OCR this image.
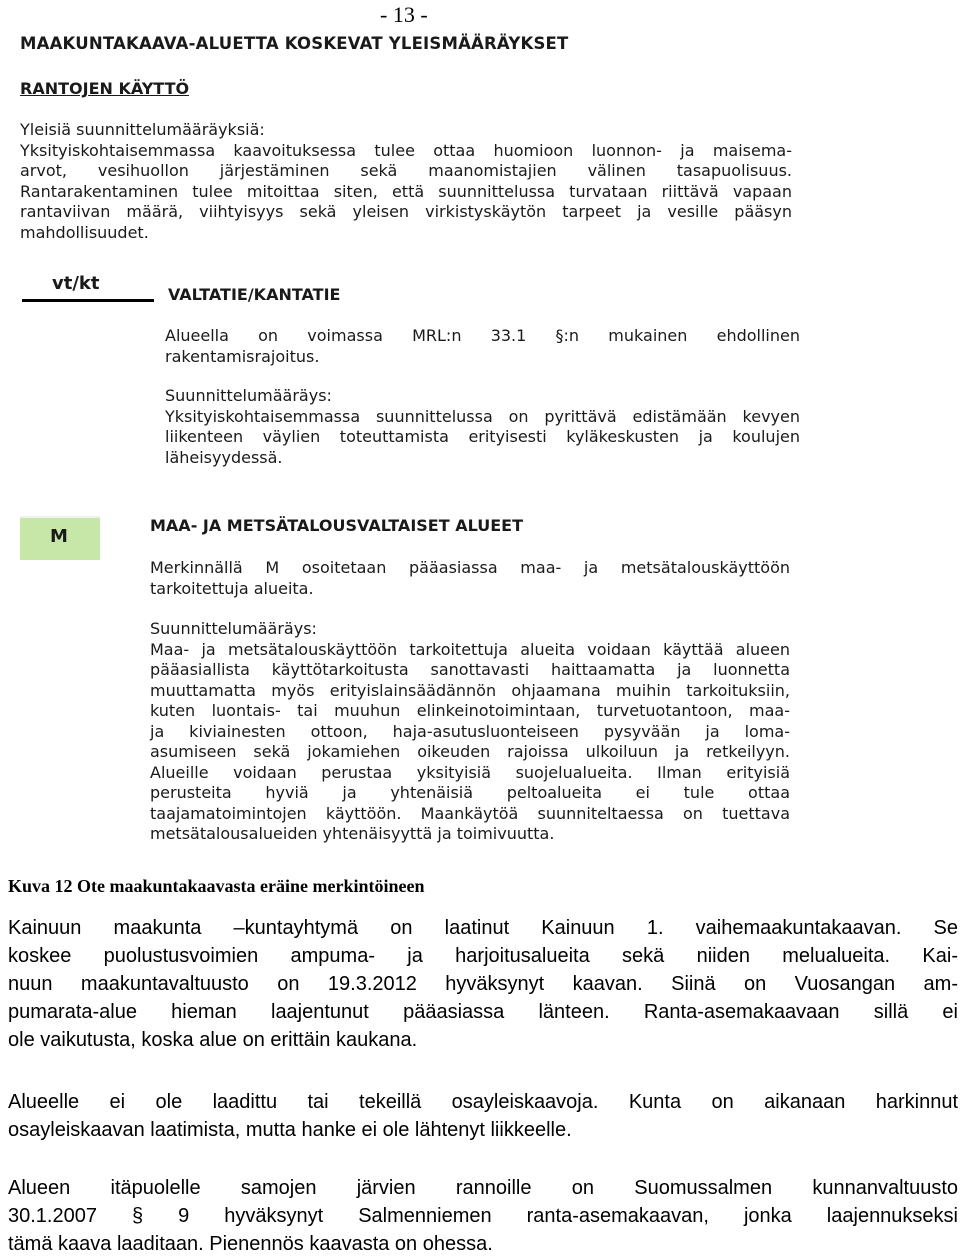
- 13 -
MAAKUNTAKAAVA-ALUETTA KOSKEVAT YLEISMÄÄRÄYKSET
RANTOJEN KÄYTTÖ
Yleisiä suunnittelumääräyksiä:
Yksityiskohtaisemmassa kaavoituksessa tulee ottaa huomioon luonnon- ja maisema-
arvot, vesihuollon järjestäminen sekä maanomistajien välinen tasapuolisuus.
Rantarakentaminen tulee mitoittaa siten, että suunnittelussa turvataan riittävä vapaan
rantaviivan määrä, viihtyisyys sekä yleisen virkistyskäytön tarpeet ja vesille pääsyn
mahdollisuudet.
vt/kt
VALTATIE/KANTATIE
Alueella on voimassa MRL:n 33.1 §:n mukainen ehdollinen
rakentamisrajoitus.
Suunnittelumääräys:
Yksityiskohtaisemmassa suunnittelussa on pyrittävä edistämään kevyen
liikenteen väylien toteuttamista erityisesti kyläkeskusten ja koulujen
läheisyydessä.
M
MAA- JA METSÄTALOUSVALTAISET ALUEET
Merkinnällä M osoitetaan pääasiassa maa- ja metsätalouskäyttöön
tarkoitettuja alueita.
Suunnittelumääräys:
Maa- ja metsätalouskäyttöön tarkoitettuja alueita voidaan käyttää alueen
pääasiallista käyttötarkoitusta sanottavasti haittaamatta ja luonnetta
muuttamatta myös erityislainsäädännön ohjaamana muihin tarkoituksiin,
kuten luontais- tai muuhun elinkeinotoimintaan, turvetuotantoon, maa-
ja kiviainesten ottoon, haja-asutusluonteiseen pysyvään ja loma-
asumiseen sekä jokamiehen oikeuden rajoissa ulkoiluun ja retkeilyyn.
Alueille voidaan perustaa yksityisiä suojelualueita. Ilman erityisiä
perusteita hyviä ja yhtenäisiä peltoalueita ei tule ottaa
taajamatoimintojen käyttöön. Maankäytöä suunniteltaessa on tuettava
metsätalousalueiden yhtenäisyyttä ja toimivuutta.
Kuva 12 Ote maakuntakaavasta eräine merkintöineen
Kainuun maakunta –kuntayhtymä on laatinut Kainuun 1. vaihemaakuntakaavan. Se
koskee puolustusvoimien ampuma- ja harjoitusalueita sekä niiden melualueita. Kai-
nuun maakuntavaltuusto on 19.3.2012 hyväksynyt kaavan. Siinä on Vuosangan am-
pumarata-alue hieman laajentunut pääasiassa länteen. Ranta-asemakaavaan sillä ei
ole vaikutusta, koska alue on erittäin kaukana.
Alueelle ei ole laadittu tai tekeillä osayleiskaavoja. Kunta on aikanaan harkinnut
osayleiskaavan laatimista, mutta hanke ei ole lähtenyt liikkeelle.
Alueen itäpuolelle samojen järvien rannoille on Suomussalmen kunnanvaltuusto
30.1.2007 § 9 hyväksynyt Salmenniemen ranta-asemakaavan, jonka laajennukseksi
tämä kaava laaditaan. Pienennös kaavasta on ohessa.
